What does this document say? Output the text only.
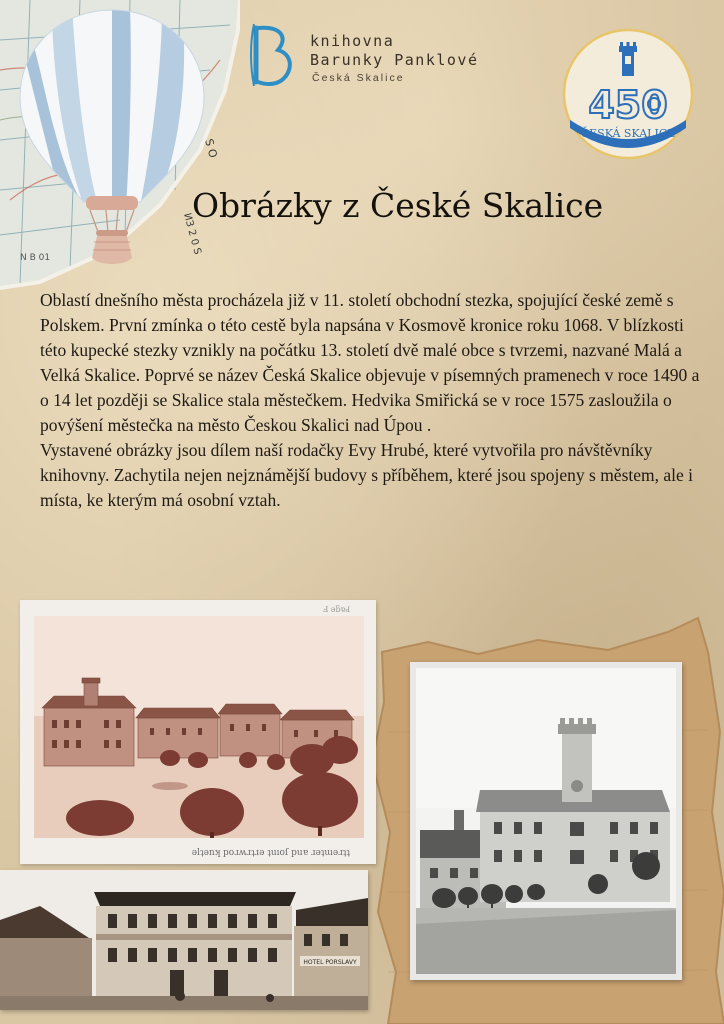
S O
ИЗ 2 0 S
N B 01
knihovna
Barunky Panklové
Česká Skalice
450
ČESKÁ SKALICE
Obrázky z České Skalice

Oblastí dnešního města procházela již v 11. století obchodní stezka, spojující české země s Polskem. První zmínka o této cestě byla napsána v Kosmově kronice roku 1068. V blízkosti této kupecké stezky vznikly na počátku 13. století dvě malé obce s tvrzemi, nazvané Malá a Velká Skalice. Poprvé se název Česká Skalice objevuje v písemných pramenech v roce 1490 a o 14 let později se Skalice stala městečkem. Hedvika Smiřická se v roce 1575 zasloužila o povýšení městečka na město Českou Skalici nad Úpou .

Vystavené obrázky jsou dílem naší rodačky Evy Hrubé, které vytvořila pro návštěvníky knihovny. Zachytila nejen nejznámější budovy s příběhem, které jsou spojeny s městem, ale i místa, ke kterým má osobní vztah.

ǝlʇǝnʞ poɹʍɹʇɹǝ ʇuıoſ puɐ ɹǝʇɯǝɹʇʇ
Ⅎ ǝƃɐԀ
HOTEL PORSLAVY
